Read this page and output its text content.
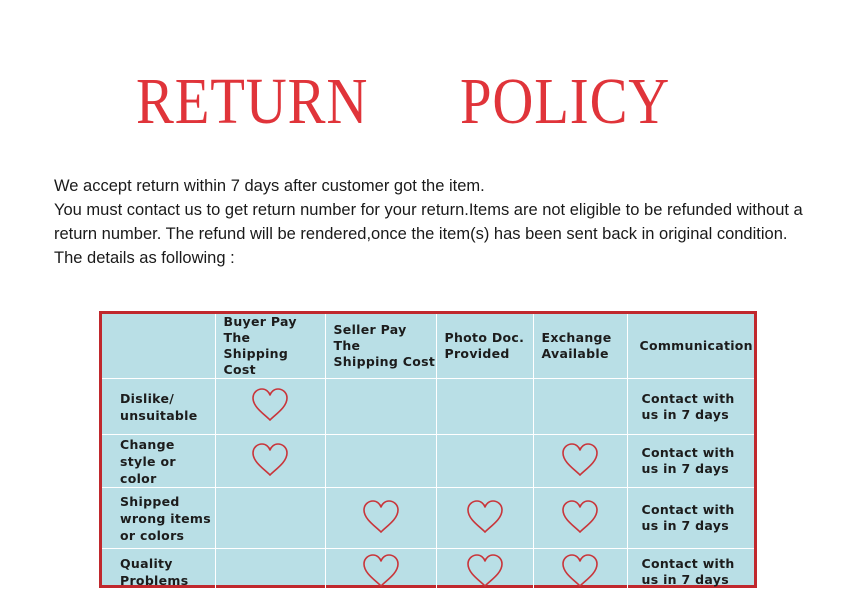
RETURN POLICY

We accept return within 7 days after customer got the item.

You must contact us to get return number for your return.Items are not eligible to be refunded without a return number. The refund will be rendered,once the item(s) has been sent back in original condition.

The details as following :

	Buyer Pay The
Shipping Cost	Seller Pay The
Shipping Cost	Photo Doc.
Provided	Exchange
Available	Communication
Dislike/
unsuitable					Contact with
us in 7 days
Change
style or color					Contact with
us in 7 days
Shipped
wrong items
or colors					Contact with
us in 7 days
Quality
Problems					Contact with
us in 7 days
